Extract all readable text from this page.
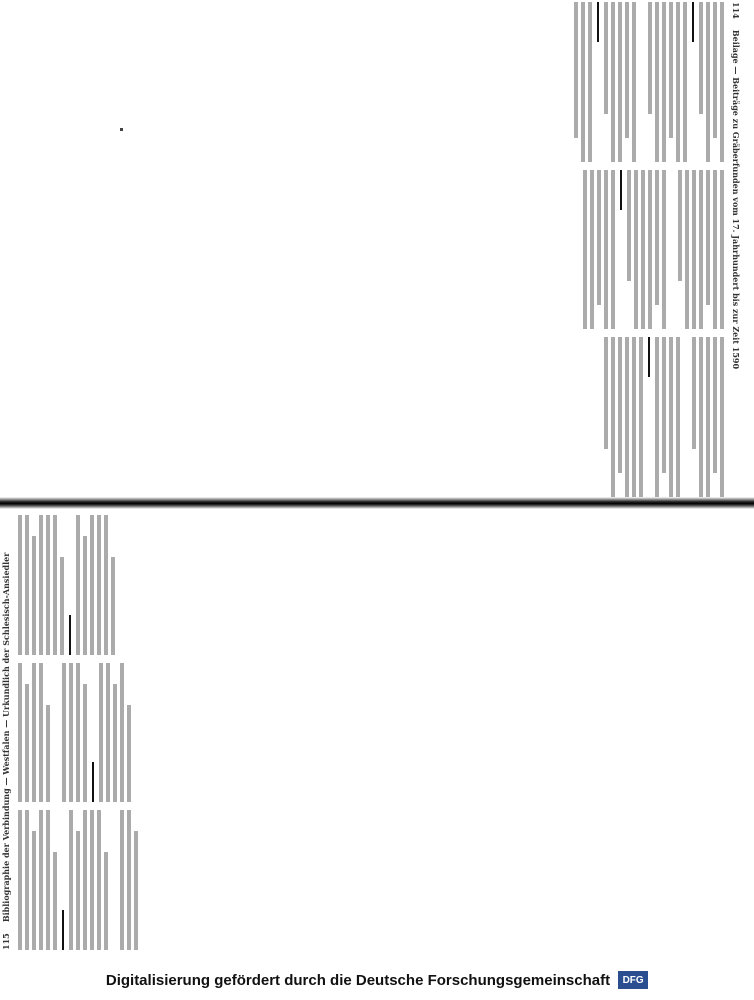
114    Beilage — Beiträge zu Gräberfunden vom 17. Jahrhundert bis zur Zeit 1590
115    Bibliographie der Verbindung — Westfalen — Urkundlich der Schlesisch-Ansiedler
Digitalisierung gefördert durch die Deutsche Forschungsgemeinschaft	DFG
